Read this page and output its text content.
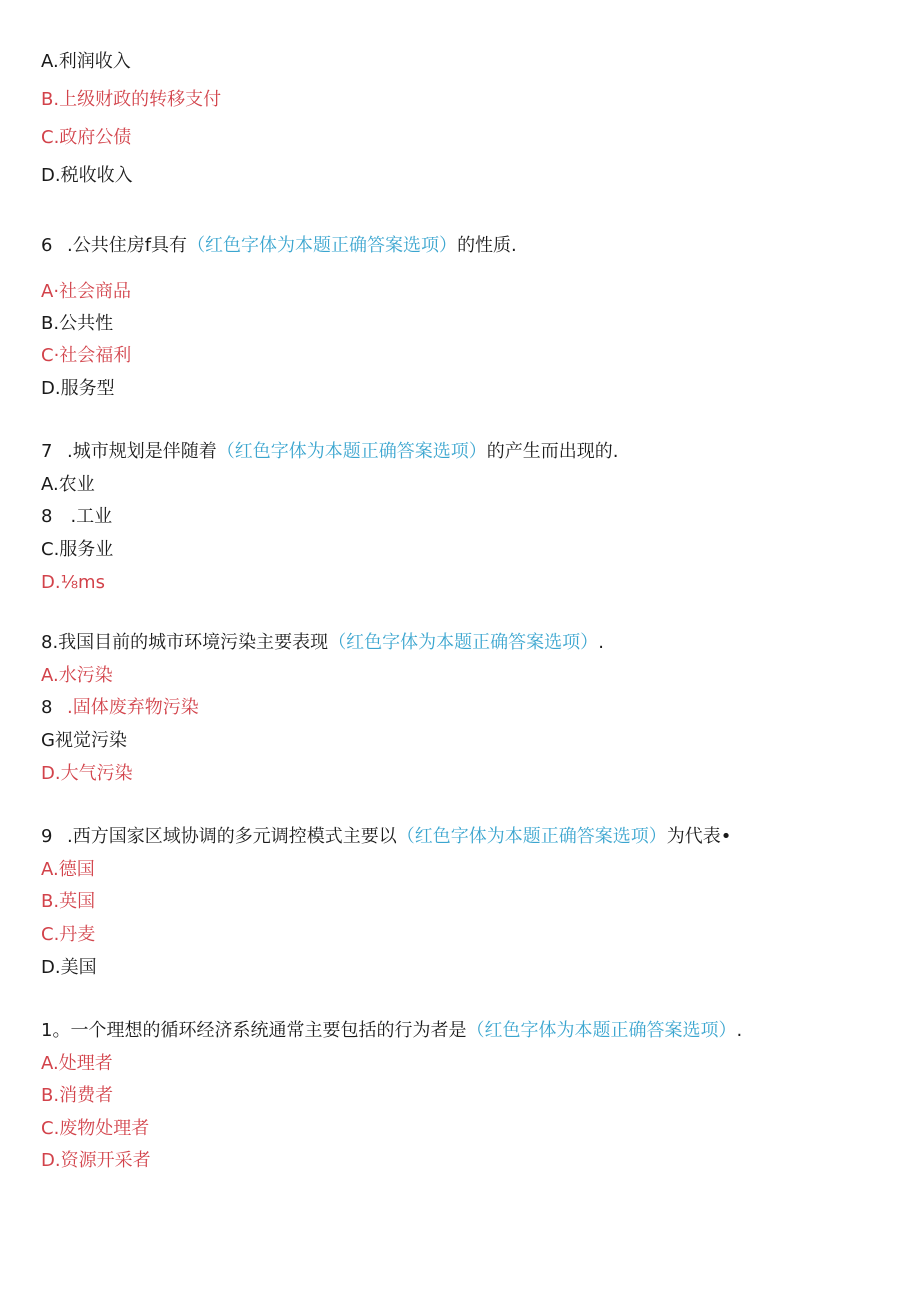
A.利润收入
B.上级财政的转移支付
C.政府公债
D.税收收入
6 .公共住房f具有（红色字体为本题正确答案选项）的性质.
A·社会商品
B.公共性
C·社会福利
D.服务型
7 .城市规划是伴随着（红色字体为本题正确答案选项）的产生而出现的.
A.农业
8　.工业
C.服务业
D.⅛ms
8.我国目前的城市环境污染主要表现（红色字体为本题正确答案选项）.
A.水污染
8 .固体废弃物污染
G视觉污染
D.大气污染
9 .西方国家区域协调的多元调控模式主要以（红色字体为本题正确答案选项）为代表•
A.德国
B.英国
C.丹麦
D.美国
1。一个理想的循环经济系统通常主要包括的行为者是（红色字体为本题正确答案选项）.
A.处理者
B.消费者
C.废物处理者
D.资源开采者
